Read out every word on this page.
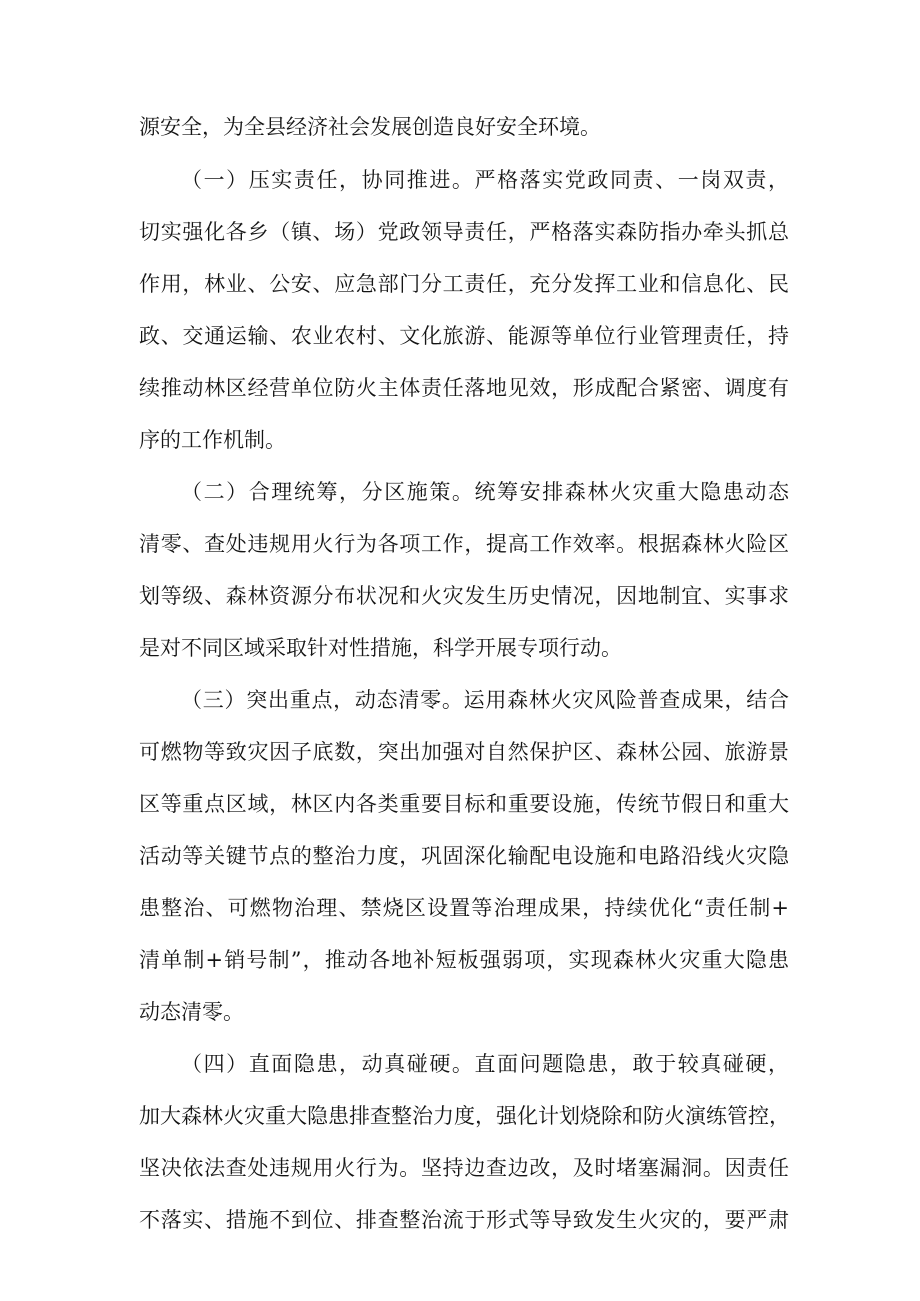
源安全，为全县经济社会发展创造良好安全环境。
（一）压实责任，协同推进。严格落实党政同责、一岗双责，
切实强化各乡（镇、场）党政领导责任，严格落实森防指办牵头抓总
作用，林业、公安、应急部门分工责任，充分发挥工业和信息化、民
政、交通运输、农业农村、文化旅游、能源等单位行业管理责任，持
续推动林区经营单位防火主体责任落地见效，形成配合紧密、调度有
序的工作机制。
（二）合理统筹，分区施策。统筹安排森林火灾重大隐患动态
清零、查处违规用火行为各项工作，提高工作效率。根据森林火险区
划等级、森林资源分布状况和火灾发生历史情况，因地制宜、实事求
是对不同区域采取针对性措施，科学开展专项行动。
（三）突出重点，动态清零。运用森林火灾风险普查成果，结合
可燃物等致灾因子底数，突出加强对自然保护区、森林公园、旅游景
区等重点区域，林区内各类重要目标和重要设施，传统节假日和重大
活动等关键节点的整治力度，巩固深化输配电设施和电路沿线火灾隐
患整治、可燃物治理、禁烧区设置等治理成果，持续优化“责任制+
清单制+销号制”，推动各地补短板强弱项，实现森林火灾重大隐患
动态清零。
（四）直面隐患，动真碰硬。直面问题隐患，敢于较真碰硬，
加大森林火灾重大隐患排查整治力度，强化计划烧除和防火演练管控，
坚决依法查处违规用火行为。坚持边查边改，及时堵塞漏洞。因责任
不落实、措施不到位、排查整治流于形式等导致发生火灾的，要严肃
